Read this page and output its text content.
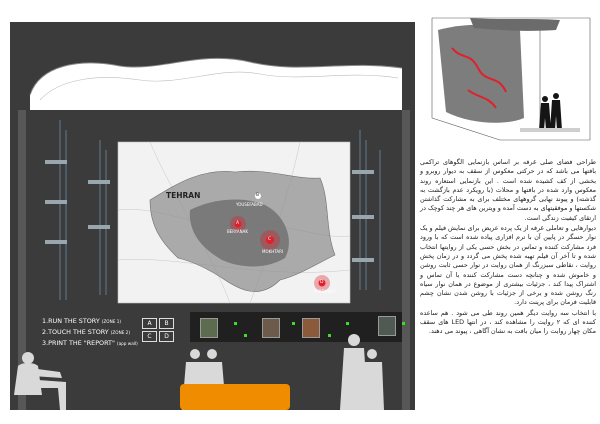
1.RUN THE STORY (ZONE 1)
2.TOUCH THE STORY (ZONE 2)
3.PRINT THE "REPORT" (app wall)
A	B
C	D
TEHRAN
YOUSEFABAD
BERYANAK
MOKHTARI
PARDASHT
A
C
B
D

طراحی فضای صلی غرفه بر اساس بازنمایی الگوهای تراکمی بافتها می باشد که در حرکتی معکوس از سقف به دیوار روبرو و بخشی از کف کشیده شده است . این بازنمایی استعاره روند معکوس وارد شده در بافتها و محلات (با رویکرد عدم بازگشت به گذشته) و پیوند نهایی گروههای مختلف برای به مشارکت گذاشتن شکستها و موفقیتهای به دست آمده و ویترین های هر چند کوچک در ارتقای کیفیت زندگی است.

دیوارهایی و تعاملی غرفه از یک پرده عریض برای نمایش فیلم و یک نوار حسگر در پایین آن با ترم افزاری پیاده شده است که با ورود فرد مشارکت کننده و تماس در بخش حسی یکی از روایتها انتخاب شده و تا آخر آن فیلم تهیه شده پخش می گردد و در زمان پخش روایت ، نقاطی سبزرنگ از همان روایت در نوار حسی ثابت روشن و خاموش شده و چنانچه دست مشارکت کننده با آن تماس و اشتراک پیدا کند ، جزئیات بیشتری از موضوع در همان نوار سیاه رنگ روشن شده و برخی از جزئیات با روشن شدن نشان چشم قابلیت فرمان برای پرینت دارد.

با انتخاب سه روایت دیگر همین روند طی می شود . هم ساعده کننده ای که ۲ روایت را مشاهده کند ، در انتها LED های سقف مکان چهار روایت را میان بافت به نشان آگاهی ، پیوند می دهند.
